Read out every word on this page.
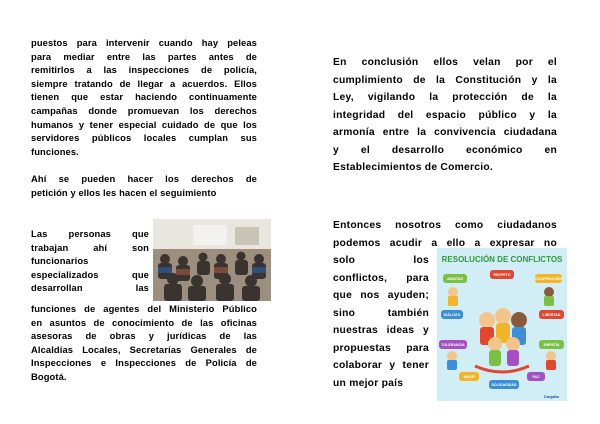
puestos para intervenir cuando hay peleas
para mediar entre las partes antes de
remitirlos a las inspecciones de policía,
siempre tratando de llegar a acuerdos. Ellos
tienen que estar haciendo continuamente
campañas donde promuevan los derechos
humanos y tener especial cuidado de que los
servidores públicos locales cumplan sus
funciones.
Ahí se pueden hacer los derechos de
petición y ellos les hacen el seguimiento
Las personas que
trabajan ahí son
funcionarios
especializados que
desarrollan las
funciones de agentes del Ministerio Público
en asuntos de conocimiento de las oficinas
asesoras de obras y jurídicas de las
Alcaldías Locales, Secretarías Generales de
Inspecciones e Inspecciones de Policía de
Bogotá.
En conclusión ellos velan por el
cumplimiento de la Constitución y la
Ley, vigilando la protección de la
integridad del espacio público y la
armonía entre la convivencia ciudadana
y el desarrollo económico en
Establecimientos de Comercio.
Entonces nosotros como ciudadanos
podemos acudir a ello a expresar no
solo los
conflictos, para
que nos ayuden;
sino también
nuestras ideas y
propuestas para
colaborar y tener
un mejor país
RESOLUCIÓN DE CONFLICTOS
AMISTAD
RESPETO
COOPERACIÓN
DIÁLOGO
TOLERANCIA
LIBERTAD
EMPATÍA
AMOR
SOLIDARIDAD
PAZ
Coquito
